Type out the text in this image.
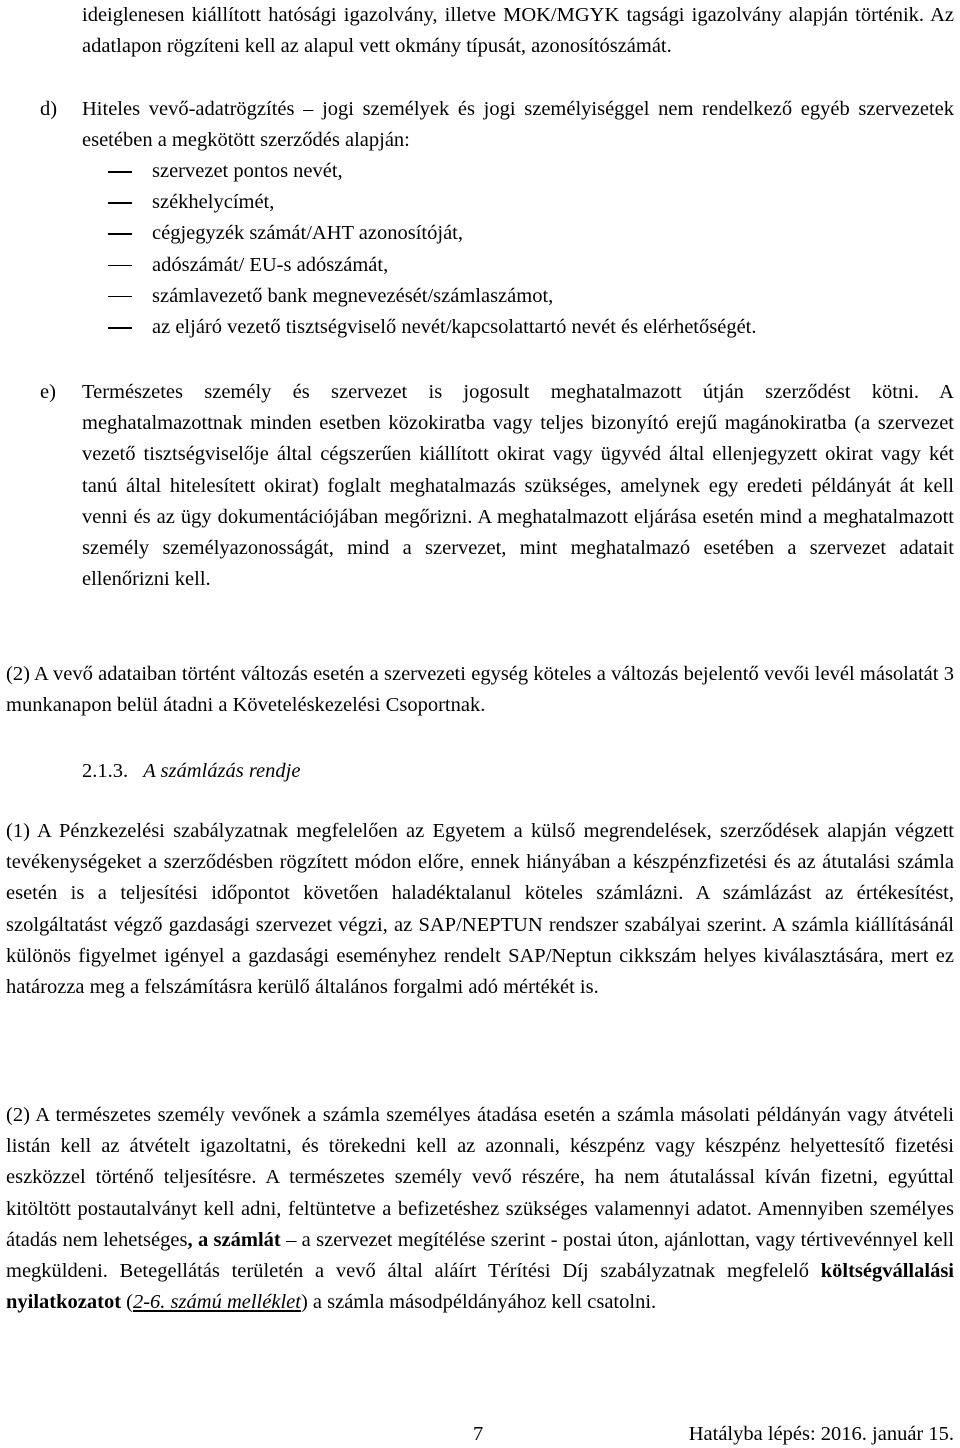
ideiglenesen kiállított hatósági igazolvány, illetve MOK/MGYK tagsági igazolvány alapján történik. Az adatlapon rögzíteni kell az alapul vett okmány típusát, azonosítószámát.

d) Hiteles vevő-adatrögzítés – jogi személyek és jogi személyiséggel nem rendelkező egyéb szervezetek esetében a megkötött szerződés alapján:

szervezet pontos nevét,
székhelycímét,
cégjegyzék számát/AHT azonosítóját,
adószámát/ EU-s adószámát,
számlavezető bank megnevezését/számlaszámot,
az eljáró vezető tisztségviselő nevét/kapcsolattartó nevét és elérhetőségét.
e) Természetes személy és szervezet is jogosult meghatalmazott útján szerződést kötni. A meghatalmazottnak minden esetben közokiratba vagy teljes bizonyító erejű magánokiratba (a szervezet vezető tisztségviselője által cégszerűen kiállított okirat vagy ügyvéd által ellenjegyzett okirat vagy két tanú által hitelesített okirat) foglalt meghatalmazás szükséges, amelynek egy eredeti példányát át kell venni és az ügy dokumentációjában megőrizni. A meghatalmazott eljárása esetén mind a meghatalmazott személy személyazonosságát, mind a szervezet, mint meghatalmazó esetében a szervezet adatait ellenőrizni kell.

(2) A vevő adataiban történt változás esetén a szervezeti egység köteles a változás bejelentő vevői levél másolatát 3 munkanapon belül átadni a Követeléskezelési Csoportnak.

2.1.3. A számlázás rendje

(1) A Pénzkezelési szabályzatnak megfelelően az Egyetem a külső megrendelések, szerződések alapján végzett tevékenységeket a szerződésben rögzített módon előre, ennek hiányában a készpénzfizetési és az átutalási számla esetén is a teljesítési időpontot követően haladéktalanul köteles számlázni. A számlázást az értékesítést, szolgáltatást végző gazdasági szervezet végzi, az SAP/NEPTUN rendszer szabályai szerint. A számla kiállításánál különös figyelmet igényel a gazdasági eseményhez rendelt SAP/Neptun cikkszám helyes kiválasztására, mert ez határozza meg a felszámításra kerülő általános forgalmi adó mértékét is.

(2) A természetes személy vevőnek a számla személyes átadása esetén a számla másolati példányán vagy átvételi listán kell az átvételt igazoltatni, és törekedni kell az azonnali, készpénz vagy készpénz helyettesítő fizetési eszközzel történő teljesítésre. A természetes személy vevő részére, ha nem átutalással kíván fizetni, egyúttal kitöltött postautalványt kell adni, feltüntetve a befizetéshez szükséges valamennyi adatot. Amennyiben személyes átadás nem lehetséges, a számlát – a szervezet megítélése szerint - postai úton, ajánlottan, vagy tértivevénnyel kell megküldeni. Betegellátás területén a vevő által aláírt Térítési Díj szabályzatnak megfelelő költségvállalási nyilatkozatot (2-6. számú melléklet) a számla másodpéldányához kell csatolni.

7	Hatályba lépés: 2016. január 15.
